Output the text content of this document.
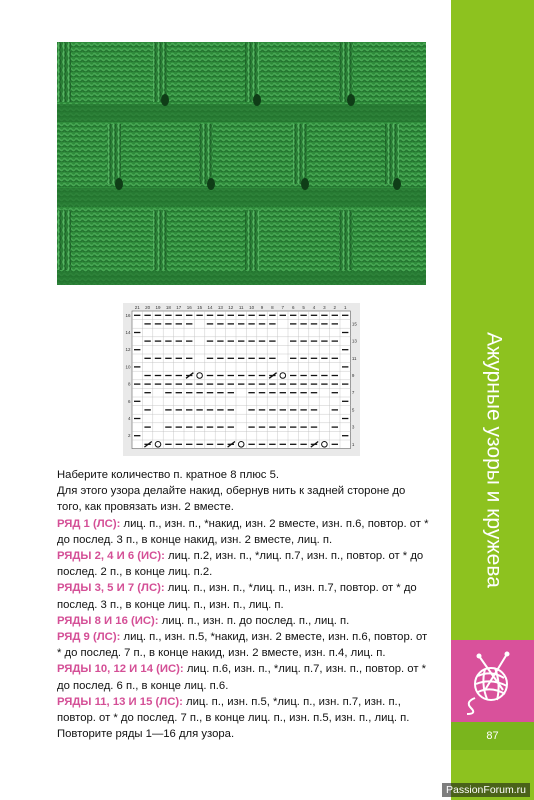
21 20 19 18 17 16 15 14 13 12 11 10 9 8 7 6 5 4 3 2 1
16
14
12
10
8
6
4
2
15
13
11
9
7
5
3
1

Наберите количество п. кратное 8 плюс 5.

Для этого узора делайте накид, обернув нить к задней стороне до того, как провязать изн. 2 вместе.

РЯД 1 (ЛС): лиц. п., изн. п., *накид, изн. 2 вместе, изн. п.6, повтор. от * до послед. 3 п., в конце накид, изн. 2 вместе, лиц. п.

РЯДЫ 2, 4 И 6 (ИС): лиц. п.2, изн. п., *лиц. п.7, изн. п., повтор. от * до послед. 2 п., в конце лиц. п.2.

РЯДЫ 3, 5 И 7 (ЛС): лиц. п., изн. п., *лиц. п., изн. п.7, повтор. от * до послед. 3 п., в конце лиц. п., изн. п., лиц. п.

РЯДЫ 8 И 16 (ИС): лиц. п., изн. п. до послед. п., лиц. п.

РЯД 9 (ЛС): лиц. п., изн. п.5, *накид, изн. 2 вместе, изн. п.6, повтор. от * до послед. 7 п., в конце накид, изн. 2 вместе, изн. п.4, лиц. п.

РЯДЫ 10, 12 И 14 (ИС): лиц. п.6, изн. п., *лиц. п.7, изн. п., повтор. от * до послед. 6 п., в конце лиц. п.6.

РЯДЫ 11, 13 И 15 (ЛС): лиц. п., изн. п.5, *лиц. п., изн. п.7, изн. п., повтор. от * до послед. 7 п., в конце лиц. п., изн. п.5, изн. п., лиц. п.

Повторите ряды 1—16 для узора.

Ажурные узоры и кружева
87
PassionForum.ru
